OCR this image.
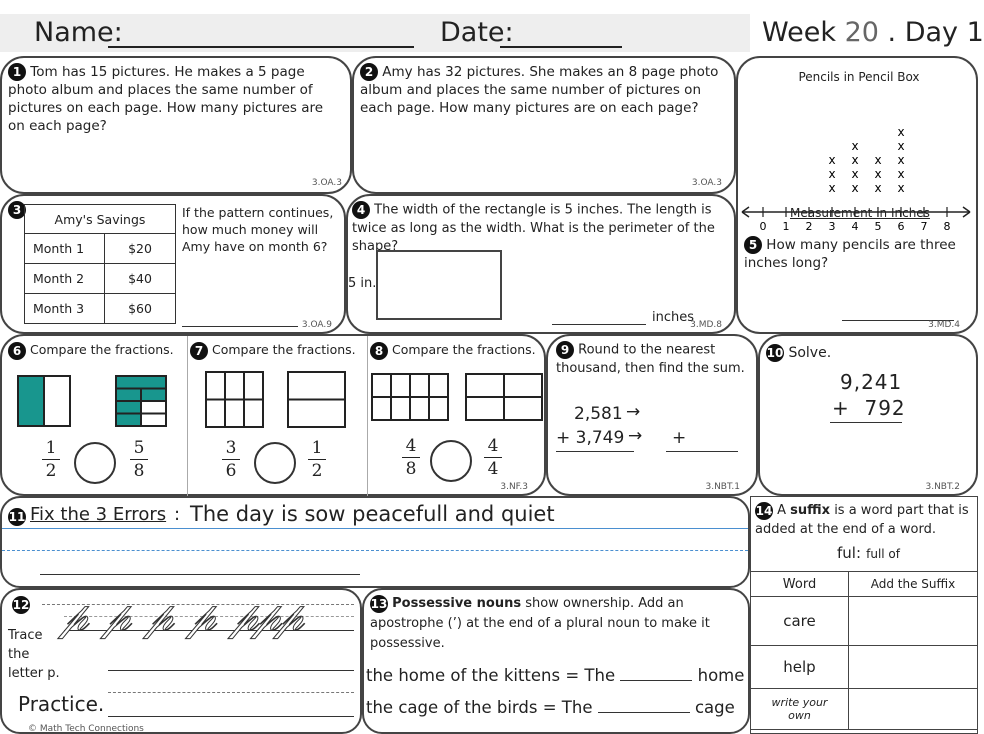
Name:	Date:	Week 20 . Day 1
1 Tom has 15 pictures. He makes a 5 page photo album and places the same number of pictures on each page. How many pictures are on each page?
3.OA.3
2 Amy has 32 pictures. She makes an 8 page photo album and places the same number of pictures on each page. How many pictures are on each page?
3.OA.3
Pencils in Pencil Box
0 1 2 3 4 5 6 7 8
x
x
x
x
x
x
x
x
x
x
x
x
x
x
x
Measurement in Inches
5 How many pencils are three inches long?
3.MD.4
3
Amy's Savings	
Month 1	$20
Month 2	$40
Month 3	$60
If the pattern continues, how much money will Amy have on month 6?
3.OA.9
4 The width of the rectangle is 5 inches. The length is twice as long as the width. What is the perimeter of the shape?
5 in.
inches
3.MD.8
6 Compare the fractions.
1
2
5
8
7 Compare the fractions.
3
6
1
2
8 Compare the fractions.
4
8
4
4
3.NF.3
9 Round to the nearest thousand, then find the sum.
2,581 →
+ 3,749 → +
3.NBT.1
10 Solve.
9,241
+  792
3.NBT.2
11 Fix the 3 Errors : The day is sow peacefull and quiet
12
Trace the letter p.
𝓅𝓅𝓅𝓅𝓅𝓅𝓅
Practice.
© Math Tech Connections
13 Possessive nouns show ownership. Add an apostrophe (’) at the end of a plural noun to make it possessive.
the home of the kittens = The	home
the cage of the birds = The	cage
14 A suffix is a word part that is added at the end of a word.
ful: full of
Word	Add the Suffix
care	
help	
write your own	
